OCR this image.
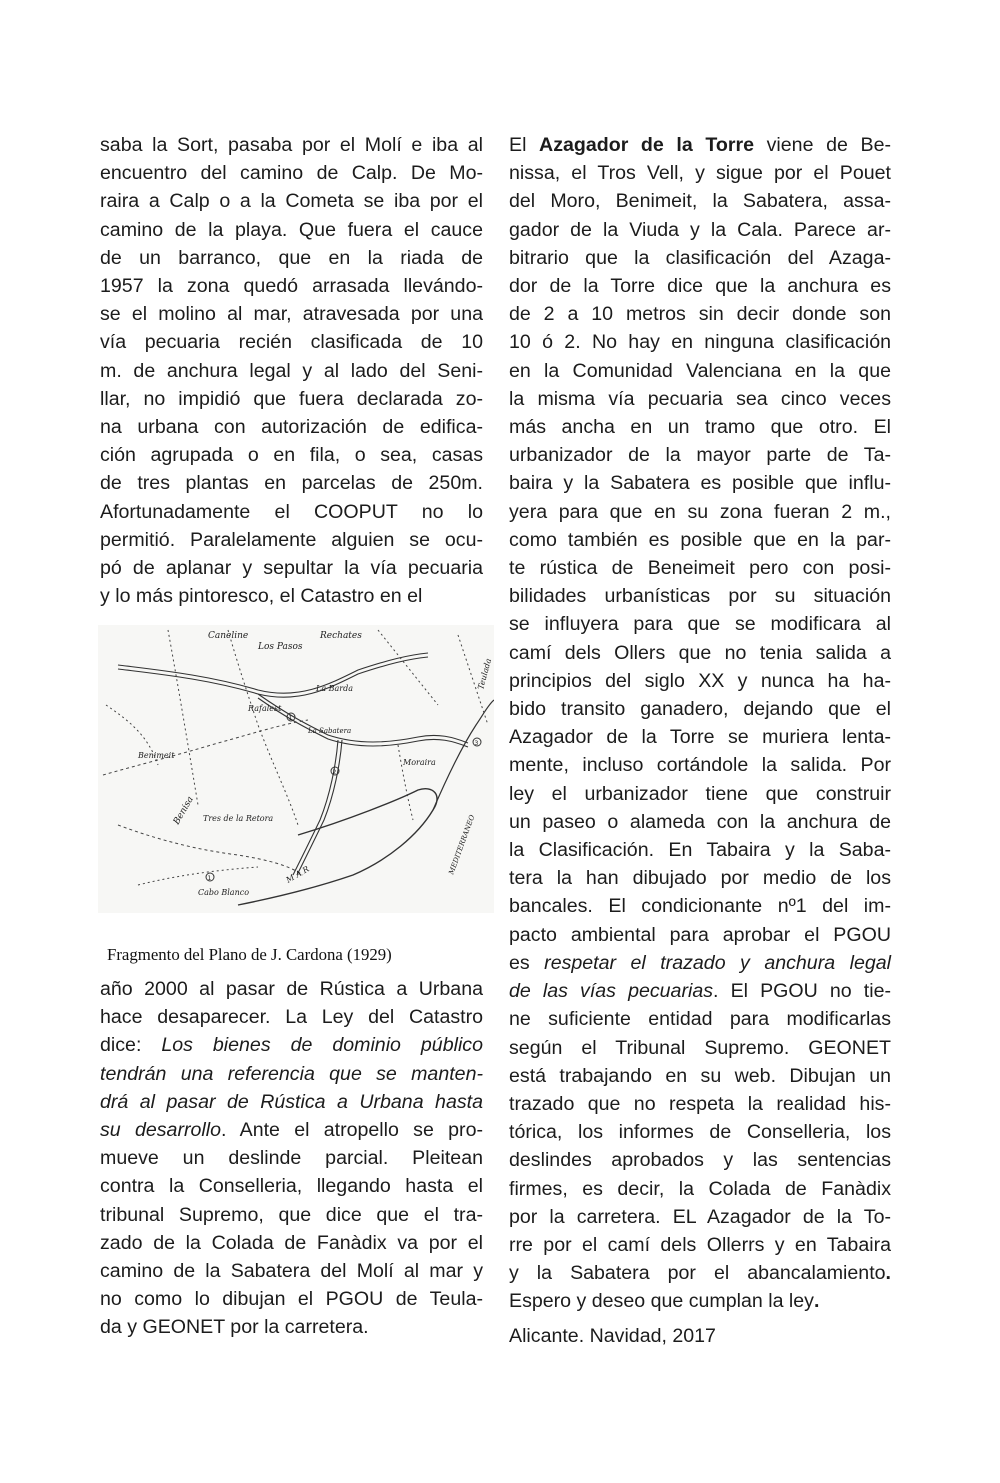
saba la Sort, pasaba por el Molí e iba al

encuentro del camino de Calp. De Mo-

raira a Calp o a la Cometa se iba por el

camino de la playa. Que fuera el cauce

de un barranco, que en la riada de

1957 la zona quedó arrasada llevándo-

se el molino al mar, atravesada por una

vía pecuaria recién clasificada de 10

m. de anchura legal y al lado del Seni-

llar, no impidió que fuera declarada zo-

na urbana con autorización de edifica-

ción agrupada o en fila, o sea, casas

de tres plantas en parcelas de 250m.

Afortunadamente el COOPUT no lo

permitió. Paralelamente alguien se ocu-

pó de aplanar y sepultar la vía pecuaria

y lo más pintoresco, el Catastro en el

Caneline
Los Pasos
Rechates
La Barda
Rafalest
La Sabatera
Benimeit
Moraira
Tres de la Retora
Cabo Blanco
Benisa
Teulada
M A R	MEDITERRANEO
1
2
3
1
Fragmento del Plano de J. Cardona (1929)

año 2000 al pasar de Rústica a Urbana

hace desaparecer. La Ley del Catastro

dice: Los bienes de dominio público

tendrán una referencia que se manten-

drá al pasar de Rústica a Urbana hasta

su desarrollo. Ante el atropello se pro-

mueve un deslinde parcial. Pleitean

contra la Conselleria, llegando hasta el

tribunal Supremo, que dice que el tra-

zado de la Colada de Fanàdix va por el

camino de la Sabatera del Molí al mar y

no como lo dibujan el PGOU de Teula-

da y GEONET por la carretera.

El Azagador de la Torre viene de Be-

nissa, el Tros Vell, y sigue por el Pouet

del Moro, Benimeit, la Sabatera, assa-

gador de la Viuda y la Cala. Parece ar-

bitrario que la clasificación del Azaga-

dor de la Torre dice que la anchura es

de 2 a 10 metros sin decir donde son

10 ó 2. No hay en ninguna clasificación

en la Comunidad Valenciana en la que

la misma vía pecuaria sea cinco veces

más ancha en un tramo que otro. El

urbanizador de la mayor parte de Ta-

baira y la Sabatera es posible que influ-

yera para que en su zona fueran 2 m.,

como también es posible que en la par-

te rústica de Beneimeit pero con posi-

bilidades urbanísticas por su situación

se influyera para que se modificara al

camí dels Ollers que no tenia salida a

principios del siglo XX y nunca ha ha-

bido transito ganadero, dejando que el

Azagador de la Torre se muriera lenta-

mente, incluso cortándole la salida. Por

ley el urbanizador tiene que construir

un paseo o alameda con la anchura de

la Clasificación. En Tabaira y la Saba-

tera la han dibujado por medio de los

bancales. El condicionante nº1 del im-

pacto ambiental para aprobar el PGOU

es respetar el trazado y anchura legal

de las vías pecuarias. El PGOU no tie-

ne suficiente entidad para modificarlas

según el Tribunal Supremo. GEONET

está trabajando en su web. Dibujan un

trazado que no respeta la realidad his-

tórica, los informes de Conselleria, los

deslindes aprobados y las sentencias

firmes, es decir, la Colada de Fanàdix

por la carretera. EL Azagador de la To-

rre por el camí dels Ollerrs y en Tabaira

y la Sabatera por el abancalamiento.

Espero y deseo que cumplan la ley.

Alicante. Navidad, 2017
